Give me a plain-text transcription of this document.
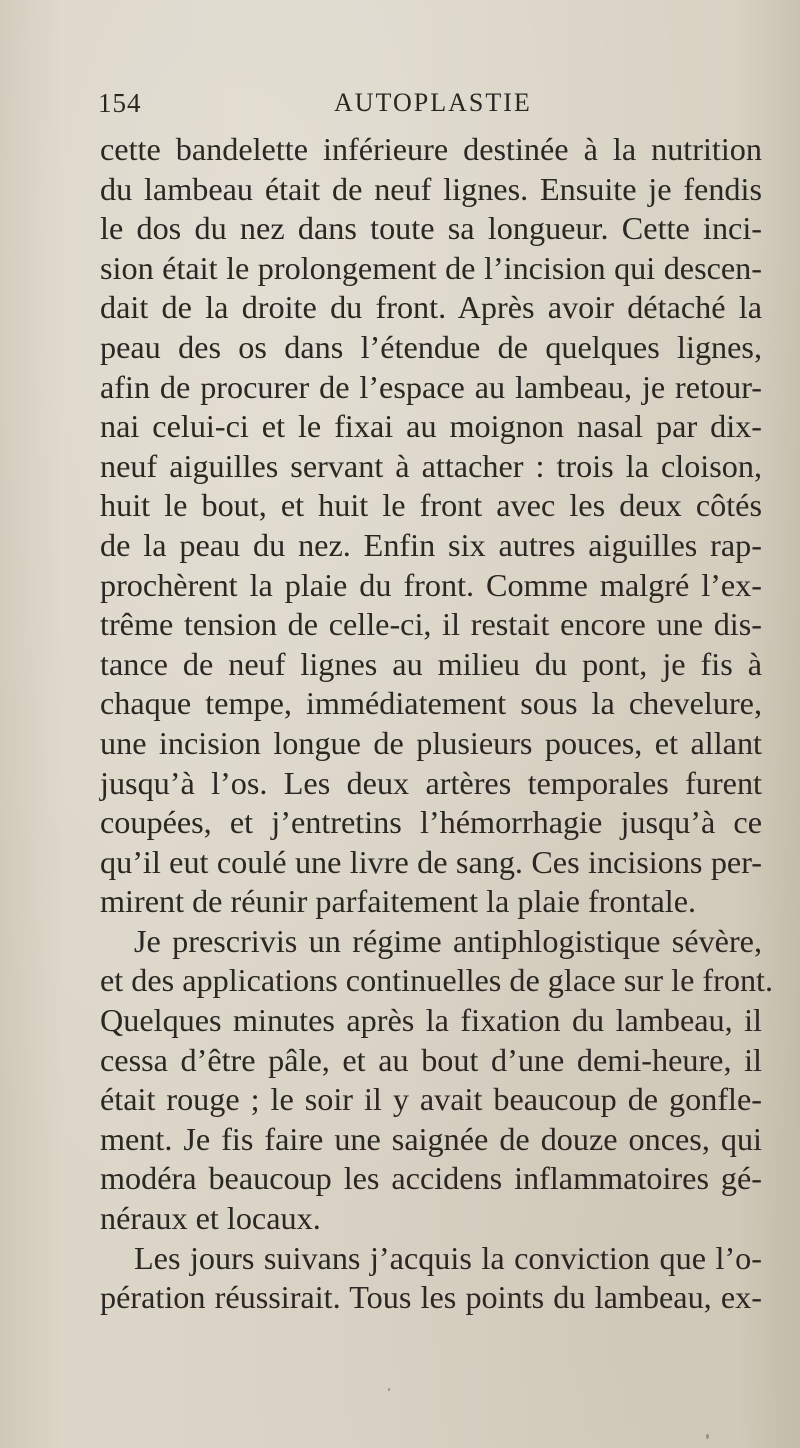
154	AUTOPLASTIE
cette bandelette inférieure destinée à la nutrition
du lambeau était de neuf lignes. Ensuite je fendis
le dos du nez dans toute sa longueur. Cette inci-
sion était le prolongement de l’incision qui descen-
dait de la droite du front. Après avoir détaché la
peau des os dans l’étendue de quelques lignes,
afin de procurer de l’espace au lambeau, je retour-
nai celui-ci et le fixai au moignon nasal par dix-
neuf aiguilles servant à attacher : trois la cloison,
huit le bout, et huit le front avec les deux côtés
de la peau du nez. Enfin six autres aiguilles rap-
prochèrent la plaie du front. Comme malgré l’ex-
trême tension de celle-ci, il restait encore une dis-
tance de neuf lignes au milieu du pont, je fis à
chaque tempe, immédiatement sous la chevelure,
une incision longue de plusieurs pouces, et allant
jusqu’à l’os. Les deux artères temporales furent
coupées, et j’entretins l’hémorrhagie jusqu’à ce
qu’il eut coulé une livre de sang. Ces incisions per-
mirent de réunir parfaitement la plaie frontale.
Je prescrivis un régime antiphlogistique sévère,
et des applications continuelles de glace sur le front.
Quelques minutes après la fixation du lambeau, il
cessa d’être pâle, et au bout d’une demi-heure, il
était rouge ; le soir il y avait beaucoup de gonfle-
ment. Je fis faire une saignée de douze onces, qui
modéra beaucoup les accidens inflammatoires gé-
néraux et locaux.
Les jours suivans j’acquis la conviction que l’o-
pération réussirait. Tous les points du lambeau, ex-
